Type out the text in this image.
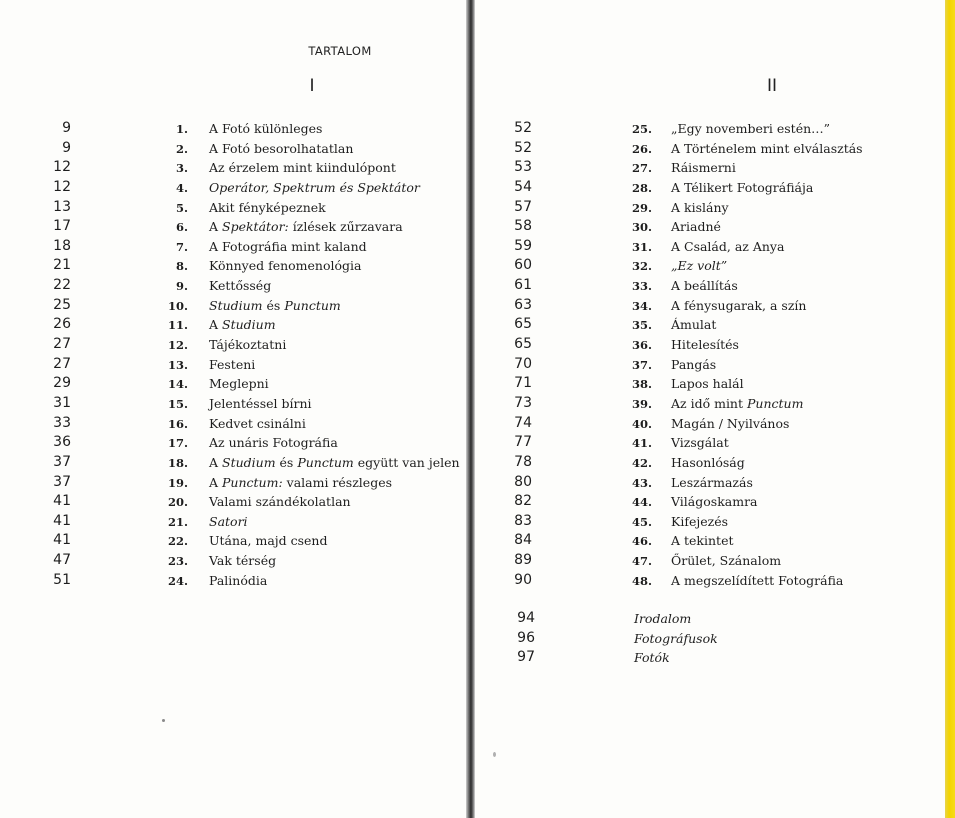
TARTALOM
I	II
9	1. A Fotó különleges
9	2. A Fotó besorolhatatlan
12	3. Az érzelem mint kiindulópont
12	4. Operátor, Spektrum és Spektátor
13	5. Akit fényképeznek
17	6. A Spektátor: ízlések zűrzavara
18	7. A Fotográfia mint kaland
21	8. Könnyed fenomenológia
22	9. Kettősség
25	10. Studium és Punctum
26	11. A Studium
27	12. Tájékoztatni
27	13. Festeni
29	14. Meglepni
31	15. Jelentéssel bírni
33	16. Kedvet csinálni
36	17. Az unáris Fotográfia
37	18. A Studium és Punctum együtt van jelen
37	19. A Punctum: valami részleges
41	20. Valami szándékolatlan
41	21. Satori
41	22. Utána, majd csend
47	23. Vak térség
51	24. Palinódia
52	25. „Egy novemberi estén…”
52	26. A Történelem mint elválasztás
53	27. Ráismerni
54	28. A Télikert Fotográfiája
57	29. A kislány
58	30. Ariadné
59	31. A Család, az Anya
60	32. „Ez volt”
61	33. A beállítás
63	34. A fénysugarak, a szín
65	35. Ámulat
65	36. Hitelesítés
70	37. Pangás
71	38. Lapos halál
73	39. Az idő mint Punctum
74	40. Magán / Nyilvános
77	41. Vizsgálat
78	42. Hasonlóság
80	43. Leszármazás
82	44. Világoskamra
83	45. Kifejezés
84	46. A tekintet
89	47. Őrület, Szánalom
90	48. A megszelídített Fotográfia
94	Irodalom
96	Fotográfusok
97	Fotók
